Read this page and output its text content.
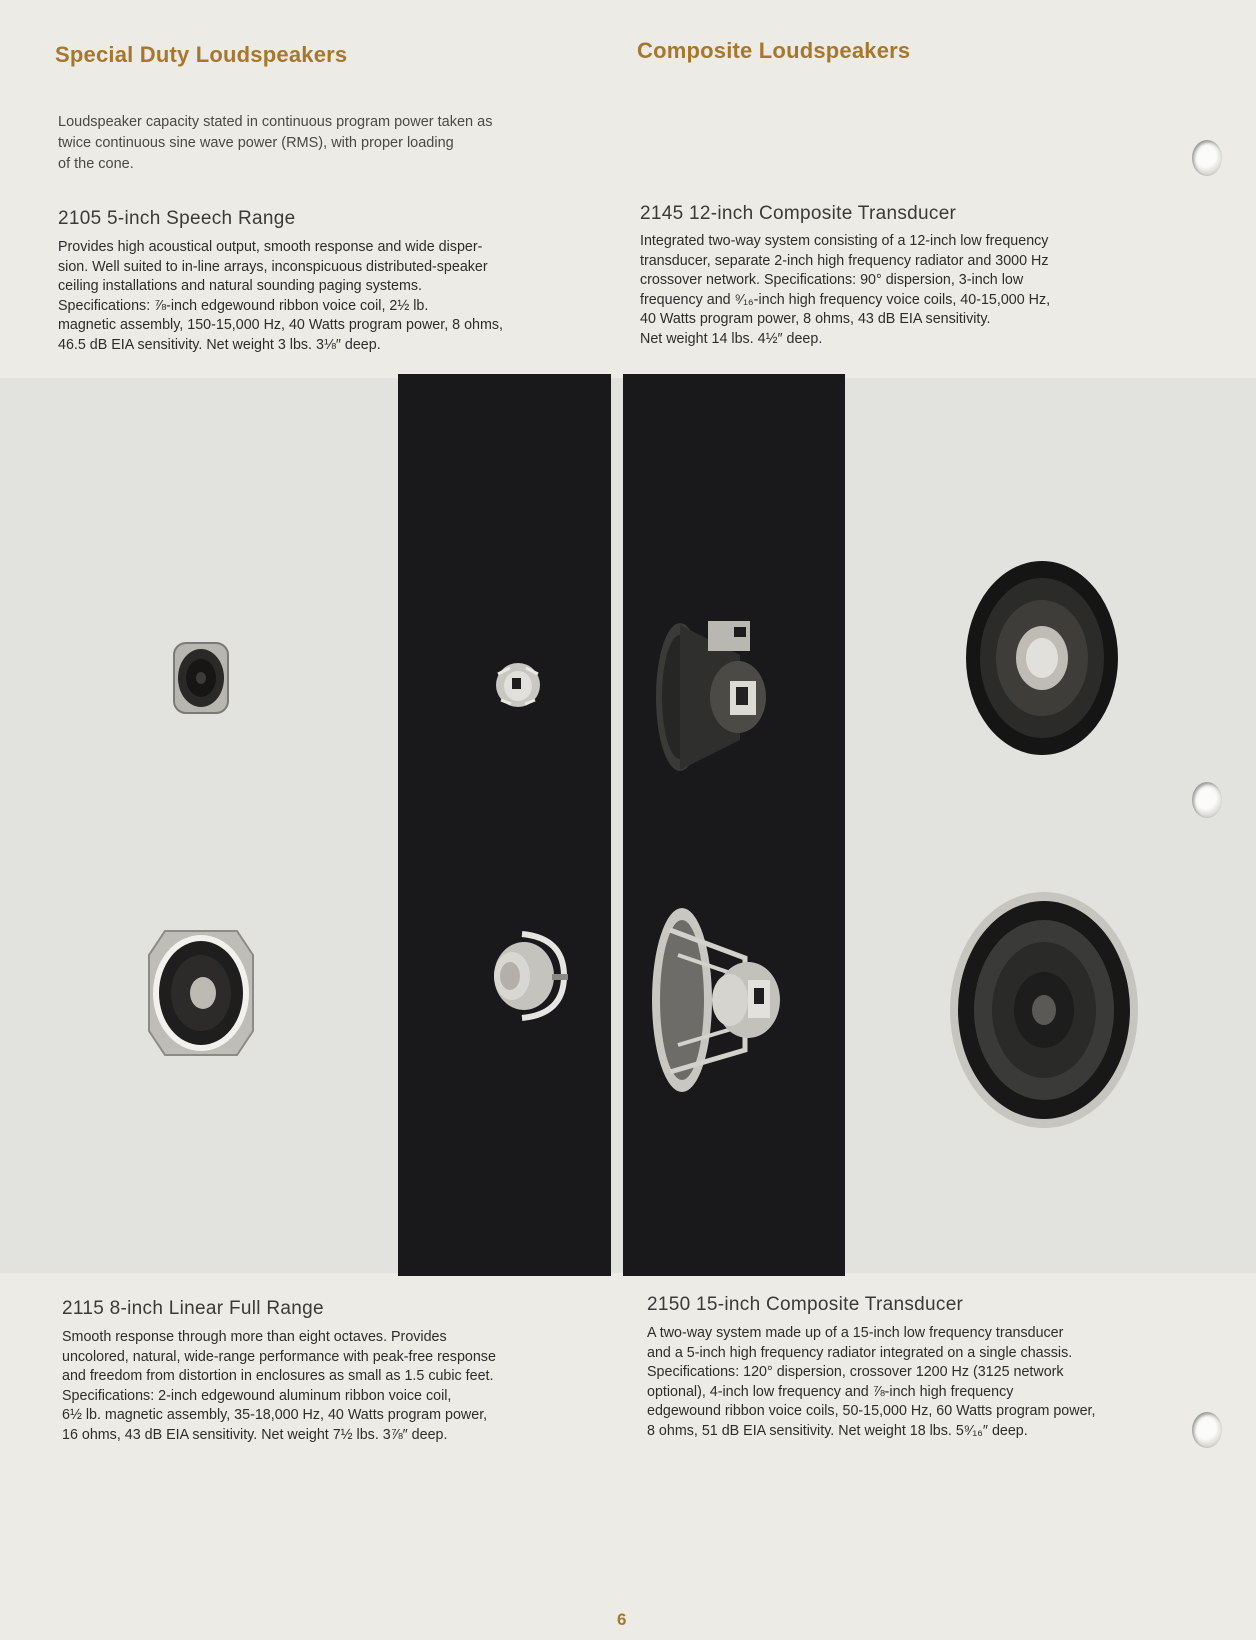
Special Duty Loudspeakers	Composite Loudspeakers
Loudspeaker capacity stated in continuous program power taken as
twice continuous sine wave power (RMS), with proper loading
of the cone.
2105 5-inch Speech Range
Provides high acoustical output, smooth response and wide disper-
sion. Well suited to in-line arrays, inconspicuous distributed-speaker
ceiling installations and natural sounding paging systems.
Specifications: ⅞-inch edgewound ribbon voice coil, 2½ lb.
magnetic assembly, 150-15,000 Hz, 40 Watts program power, 8 ohms,
46.5 dB EIA sensitivity. Net weight 3 lbs. 3⅛″ deep.
2145 12-inch Composite Transducer
Integrated two-way system consisting of a 12-inch low frequency
transducer, separate 2-inch high frequency radiator and 3000 Hz
crossover network. Specifications: 90° dispersion, 3-inch low
frequency and ⁹⁄₁₆-inch high frequency voice coils, 40-15,000 Hz,
40 Watts program power, 8 ohms, 43 dB EIA sensitivity.
Net weight 14 lbs. 4½″ deep.
2115 8-inch Linear Full Range
Smooth response through more than eight octaves. Provides
uncolored, natural, wide-range performance with peak-free response
and freedom from distortion in enclosures as small as 1.5 cubic feet.
Specifications: 2-inch edgewound aluminum ribbon voice coil,
6½ lb. magnetic assembly, 35-18,000 Hz, 40 Watts program power,
16 ohms, 43 dB EIA sensitivity. Net weight 7½ lbs. 3⅞″ deep.
2150 15-inch Composite Transducer
A two-way system made up of a 15-inch low frequency transducer
and a 5-inch high frequency radiator integrated on a single chassis.
Specifications: 120° dispersion, crossover 1200 Hz (3125 network
optional), 4-inch low frequency and ⅞-inch high frequency
edgewound ribbon voice coils, 50-15,000 Hz, 60 Watts program power,
8 ohms, 51 dB EIA sensitivity. Net weight 18 lbs. 5⁹⁄₁₆″ deep.
6
